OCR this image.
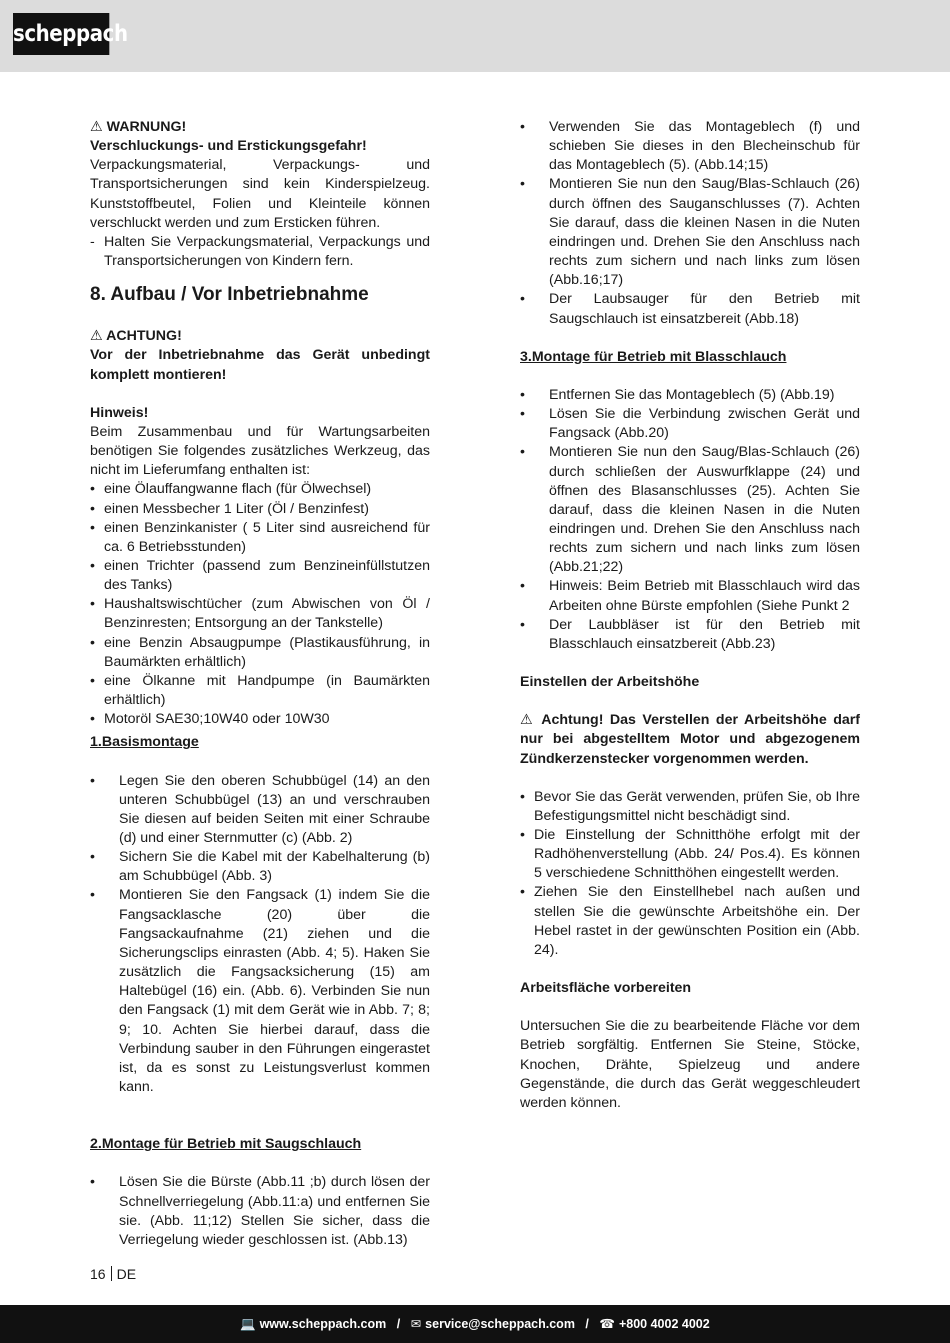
scheppach

⚠ WARNUNG!

Verschluckungs- und Erstickungsgefahr!

Verpackungsmaterial, Verpackungs- und Transportsicherungen sind kein Kinderspielzeug. Kunststoffbeutel, Folien und Kleinteile können verschluckt werden und zum Ersticken führen.

- Halten Sie Verpackungsmaterial, Verpackungs und Transportsicherungen von Kindern fern.
8. Aufbau / Vor Inbetriebnahme

⚠ ACHTUNG!

Vor der Inbetriebnahme das Gerät unbedingt komplett montieren!

Hinweis!

Beim Zusammenbau und für Wartungsarbeiten benötigen Sie folgendes zusätzliches Werkzeug, das nicht im Lieferumfang enthalten ist:

• eine Ölauffangwanne flach (für Ölwechsel)
• einen Messbecher 1 Liter (Öl / Benzinfest)
• einen Benzinkanister ( 5 Liter sind ausreichend für ca. 6 Betriebsstunden)
• einen Trichter (passend zum Benzineinfüllstutzen des Tanks)
• Haushaltswischtücher (zum Abwischen von Öl / Benzinresten; Entsorgung an der Tankstelle)
• eine Benzin Absaugpumpe (Plastikausführung, in Baumärkten erhältlich)
• eine Ölkanne mit Handpumpe (in Baumärkten erhältlich)
• Motoröl SAE30;10W40 oder 10W30

1.Basismontage

• Legen Sie den oberen Schubbügel (14) an den unteren Schubbügel (13) an und verschrauben Sie diesen auf beiden Seiten mit einer Schraube (d) und einer Sternmutter (c) (Abb. 2)
• Sichern Sie die Kabel mit der Kabelhalterung (b) am Schubbügel (Abb. 3)
• Montieren Sie den Fangsack (1) indem Sie die Fangsacklasche (20) über die Fangsackaufnahme (21) ziehen und die Sicherungsclips einrasten (Abb. 4; 5). Haken Sie zusätzlich die Fangsacksicherung (15) am Haltebügel (16) ein. (Abb. 6). Verbinden Sie nun den Fangsack (1) mit dem Gerät wie in Abb. 7; 8; 9; 10. Achten Sie hierbei darauf, dass die Verbindung sauber in den Führungen eingerastet ist, da es sonst zu Leistungsverlust kommen kann.

2.Montage für Betrieb mit Saugschlauch

• Lösen Sie die Bürste (Abb.11 ;b) durch lösen der Schnellverriegelung (Abb.11:a) und entfernen Sie sie. (Abb. 11;12) Stellen Sie sicher, dass die Verriegelung wieder geschlossen ist. (Abb.13)
• Verwenden Sie das Montageblech (f) und schieben Sie dieses in den Blecheinschub für das Montageblech (5). (Abb.14;15)
• Montieren Sie nun den Saug/Blas-Schlauch (26) durch öffnen des Sauganschlusses (7). Achten Sie darauf, dass die kleinen Nasen in die Nuten eindringen und. Drehen Sie den Anschluss nach rechts zum sichern und nach links zum lösen (Abb.16;17)
• Der Laubsauger für den Betrieb mit Saugschlauch ist einsatzbereit (Abb.18)

3.Montage für Betrieb mit Blasschlauch

• Entfernen Sie das Montageblech (5) (Abb.19)
• Lösen Sie die Verbindung zwischen Gerät und Fangsack (Abb.20)
• Montieren Sie nun den Saug/Blas-Schlauch (26) durch schließen der Auswurfklappe (24) und öffnen des Blasanschlusses (25). Achten Sie darauf, dass die kleinen Nasen in die Nuten eindringen und. Drehen Sie den Anschluss nach rechts zum sichern und nach links zum lösen (Abb.21;22)
• Hinweis: Beim Betrieb mit Blasschlauch wird das Arbeiten ohne Bürste empfohlen (Siehe Punkt 2
• Der Laubbläser ist für den Betrieb mit Blasschlauch einsatzbereit (Abb.23)

Einstellen der Arbeitshöhe

⚠ Achtung! Das Verstellen der Arbeitshöhe darf nur bei abgestelltem Motor und abgezogenem Zündkerzenstecker vorgenommen werden.

• Bevor Sie das Gerät verwenden, prüfen Sie, ob Ihre Befestigungsmittel nicht beschädigt sind.
• Die Einstellung der Schnitthöhe erfolgt mit der Radhöhenverstellung (Abb. 24/ Pos.4). Es können 5 verschiedene Schnitthöhen eingestellt werden.
• Ziehen Sie den Einstellhebel nach außen und stellen Sie die gewünschte Arbeitshöhe ein. Der Hebel rastet in der gewünschten Position ein (Abb. 24).

Arbeitsfläche vorbereiten

Untersuchen Sie die zu bearbeitende Fläche vor dem Betrieb sorgfältig. Entfernen Sie Steine, Stöcke, Knochen, Drähte, Spielzeug und andere Gegenstände, die durch das Gerät weggeschleudert werden können.

16 DE
💻 www.scheppach.com / ✉ service@scheppach.com / ☎ +800 4002 4002
